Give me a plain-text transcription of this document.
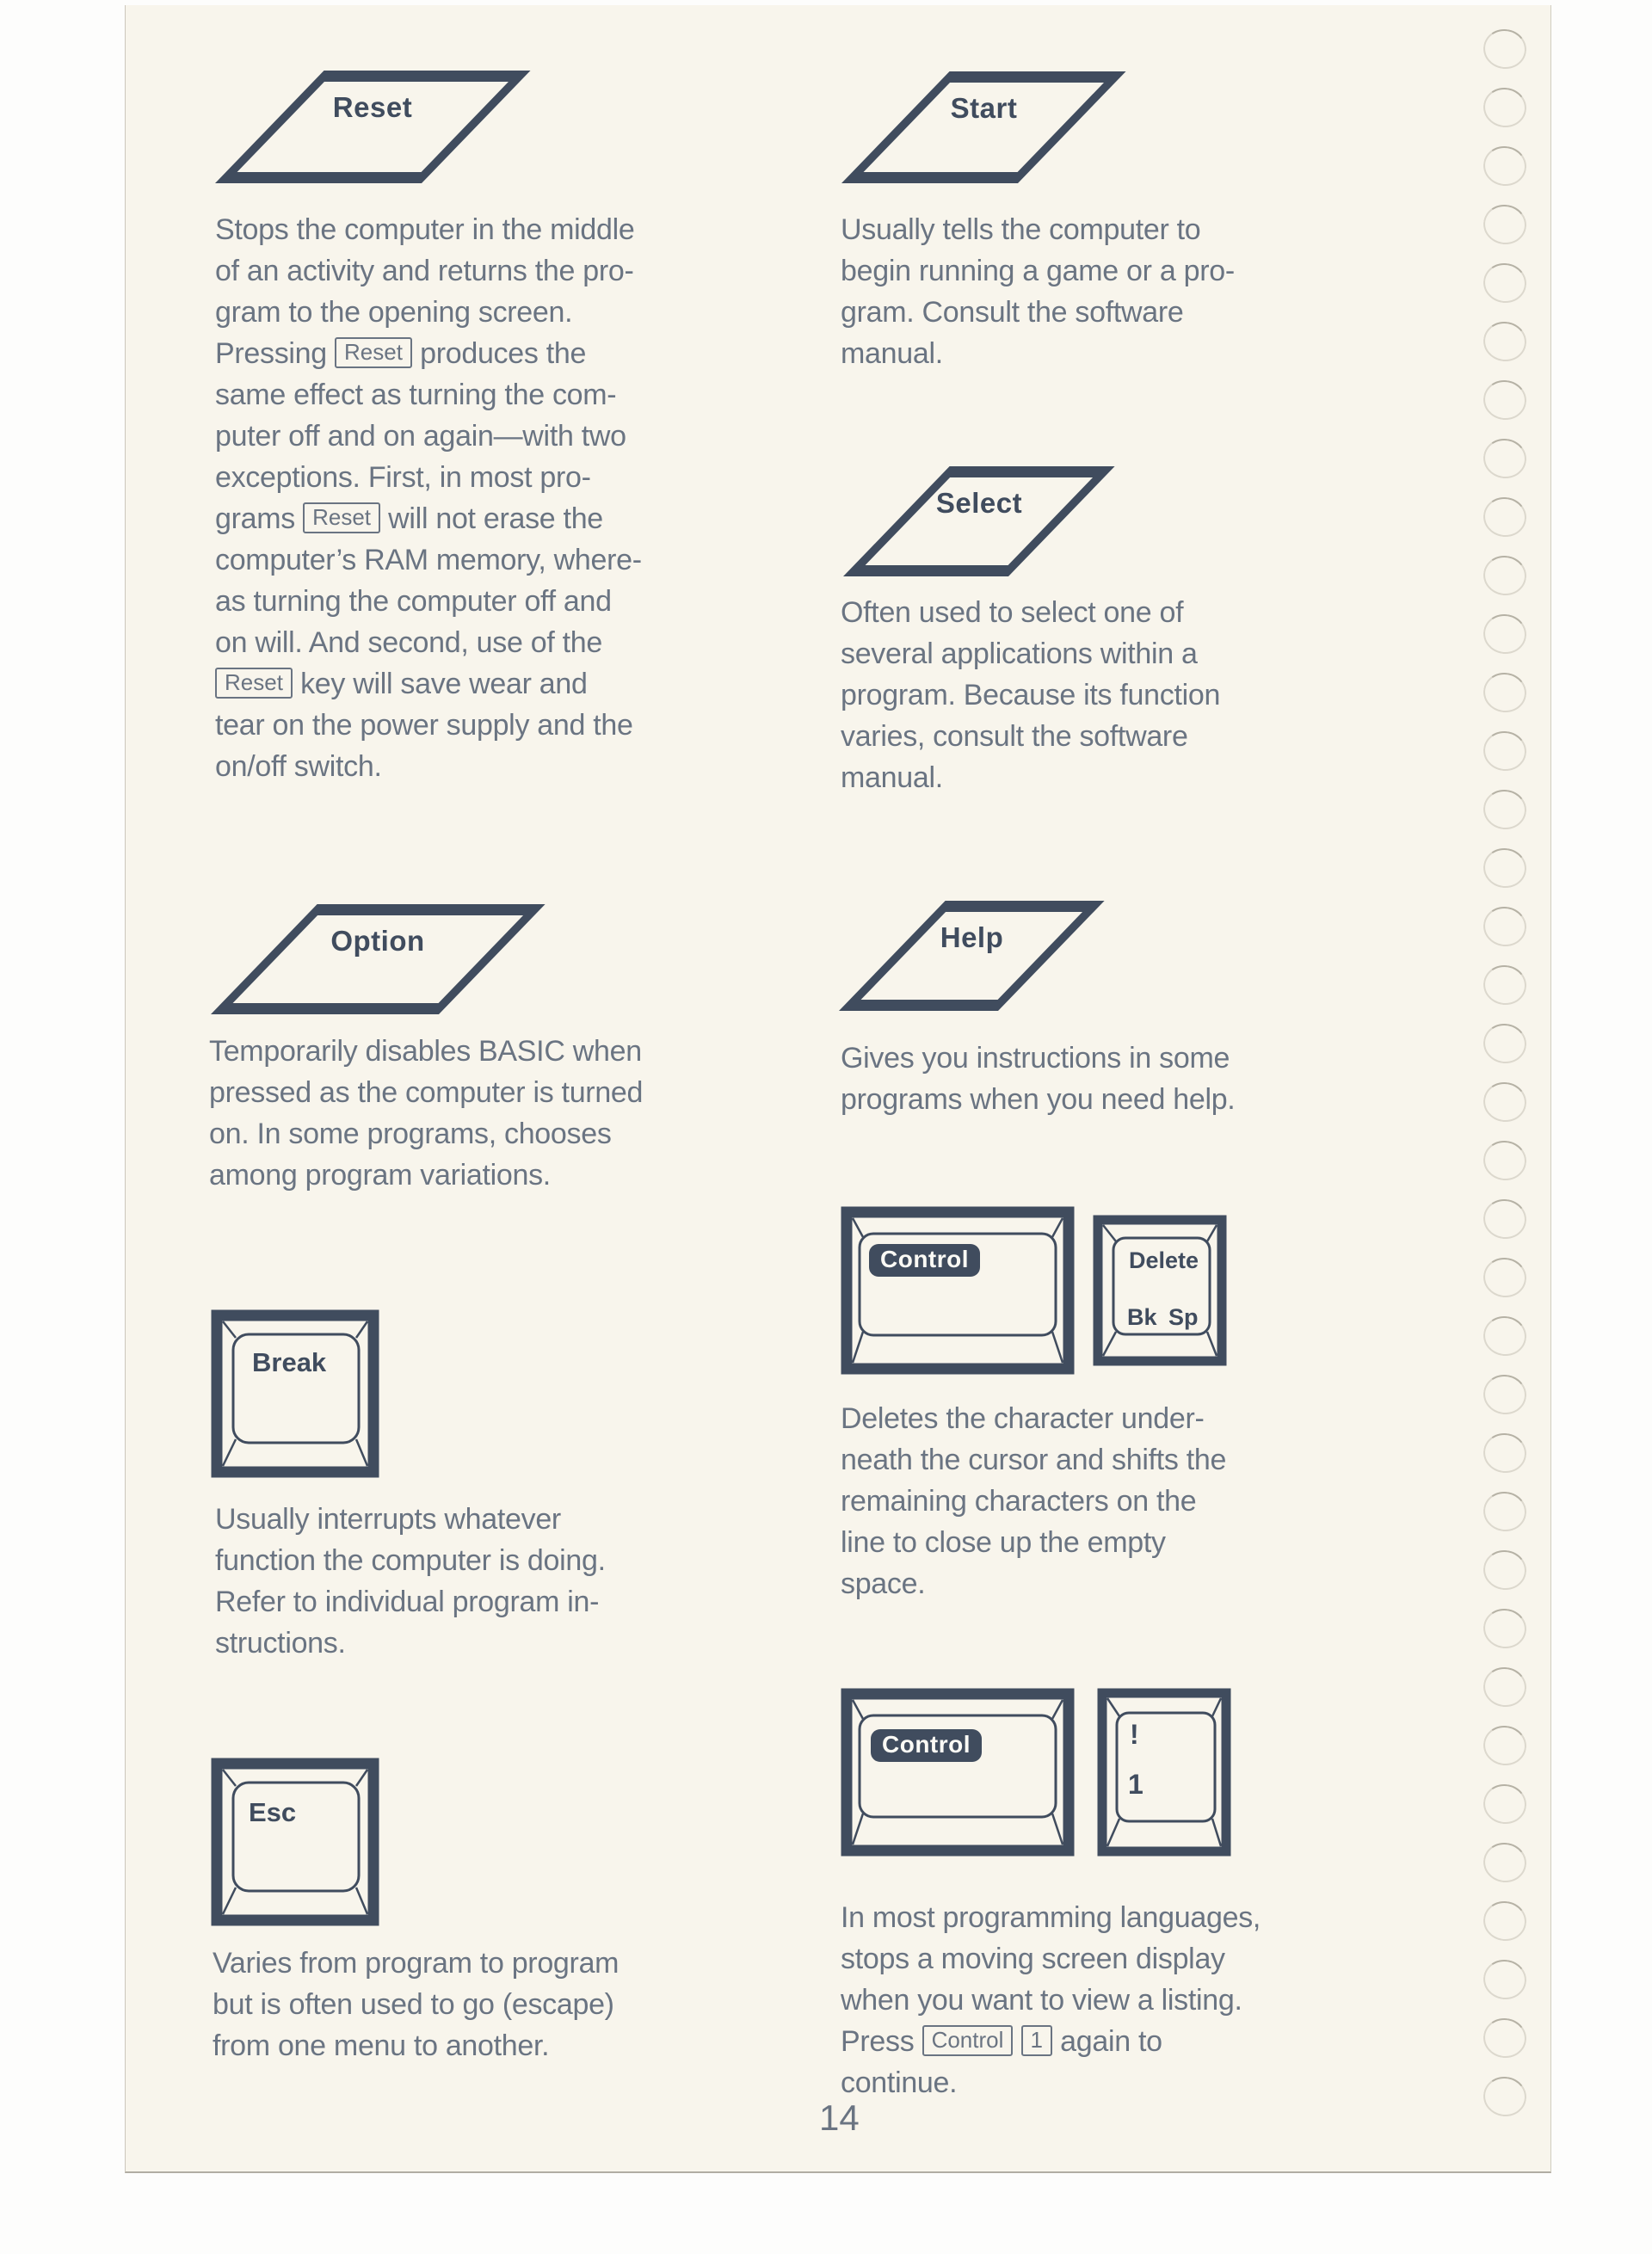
Reset
Stops the computer in the middle
of an activity and returns the pro-
gram to the opening screen.
Pressing Reset produces the
same effect as turning the com-
puter off and on again—with two
exceptions. First, in most pro-
grams Reset will not erase the
computer’s RAM memory, where-
as turning the computer off and
on will. And second, use of the
Reset key will save wear and
tear on the power supply and the
on/off switch.
Start
Usually tells the computer to
begin running a game or a pro-
gram. Consult the software
manual.
Select
Often used to select one of
several applications within a
program. Because its function
varies, consult the software
manual.
Option
Temporarily disables BASIC when
pressed as the computer is turned
on. In some programs, chooses
among program variations.
Help
Gives you instructions in some
programs when you need help.
Break
Usually interrupts whatever
function the computer is doing.
Refer to individual program in-
structions.
Control	Delete
Bk Sp
Deletes the character under-
neath the cursor and shifts the
remaining characters on the
line to close up the empty
space.
Esc
Varies from program to program
but is often used to go (escape)
from one menu to another.
Control	!
1
In most programming languages,
stops a moving screen display
when you want to view a listing.
Press Control 1 again to
continue.
14
